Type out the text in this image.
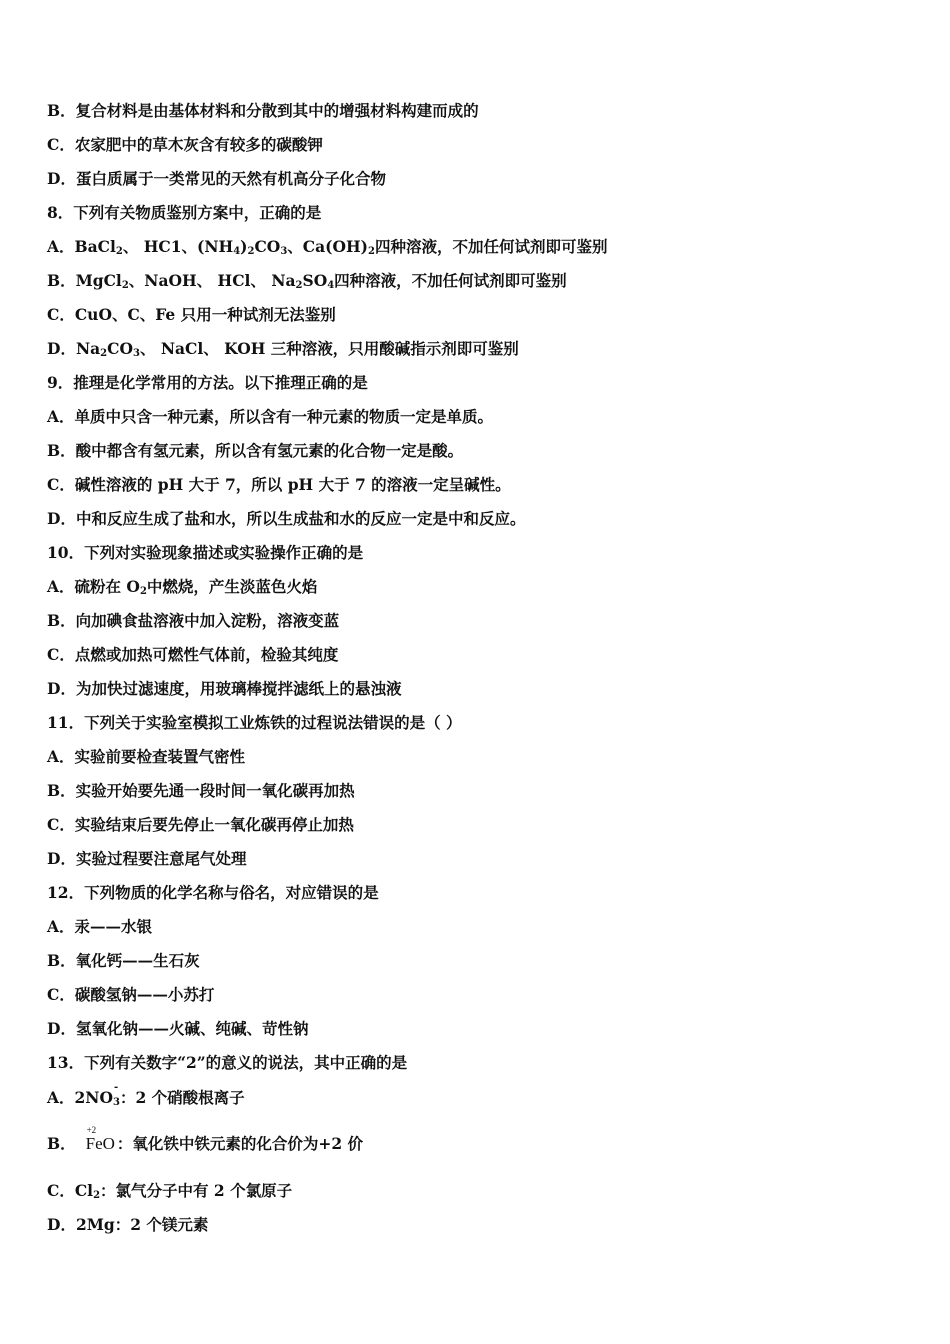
B．复合材料是由基体材料和分散到其中的增强材料构建而成的
C．农家肥中的草木灰含有较多的碳酸钾
D．蛋白质属于一类常见的天然有机高分子化合物
8．下列有关物质鉴别方案中，正确的是
A．BaCl$_2$、 HC1、$(NH_4)_2CO_3$、$Ca(OH)_2$四种溶液，不加任何试剂即可鉴别
B．MgCl$_2$、NaOH、 HCl、 $Na_2SO_4$四种溶液，不加任何试剂即可鉴别
C．CuO、C、Fe 只用一种试剂无法鉴别
D．$Na_2CO_3$、 NaCl、 KOH 三种溶液，只用酸碱指示剂即可鉴别
9．推理是化学常用的方法。以下推理正确的是
A．单质中只含一种元素，所以含有一种元素的物质一定是单质。
B．酸中都含有氢元素，所以含有氢元素的化合物一定是酸。
C．碱性溶液的 pH 大于 7，所以 pH 大于 7 的溶液一定呈碱性。
D．中和反应生成了盐和水，所以生成盐和水的反应一定是中和反应。
10．下列对实验现象描述或实验操作正确的是
A．硫粉在 $O_2$中燃烧，产生淡蓝色火焰
B．向加碘食盐溶液中加入淀粉，溶液变蓝
C．点燃或加热可燃性气体前，检验其纯度
D．为加快过滤速度，用玻璃棒搅拌滤纸上的悬浊液
11．下列关于实验室模拟工业炼铁的过程说法错误的是（ ）
A．实验前要检查装置气密性
B．实验开始要先通一段时间一氧化碳再加热
C．实验结束后要先停止一氧化碳再停止加热
D．实验过程要注意尾气处理
12．下列物质的化学名称与俗名，对应错误的是
A．汞——水银
B．氧化钙——生石灰
C．碳酸氢钠——小苏打
D．氢氧化钠——火碱、纯碱、苛性钠
13．下列有关数字“2”的意义的说法，其中正确的是
A．$2NO_3$
-
：2 个硝酸根离子
B．
+2
FeO ：氧化铁中铁元素的化合价为+2 价
C．$Cl_2$：氯气分子中有 2 个氯原子
D．2Mg：2 个镁元素
